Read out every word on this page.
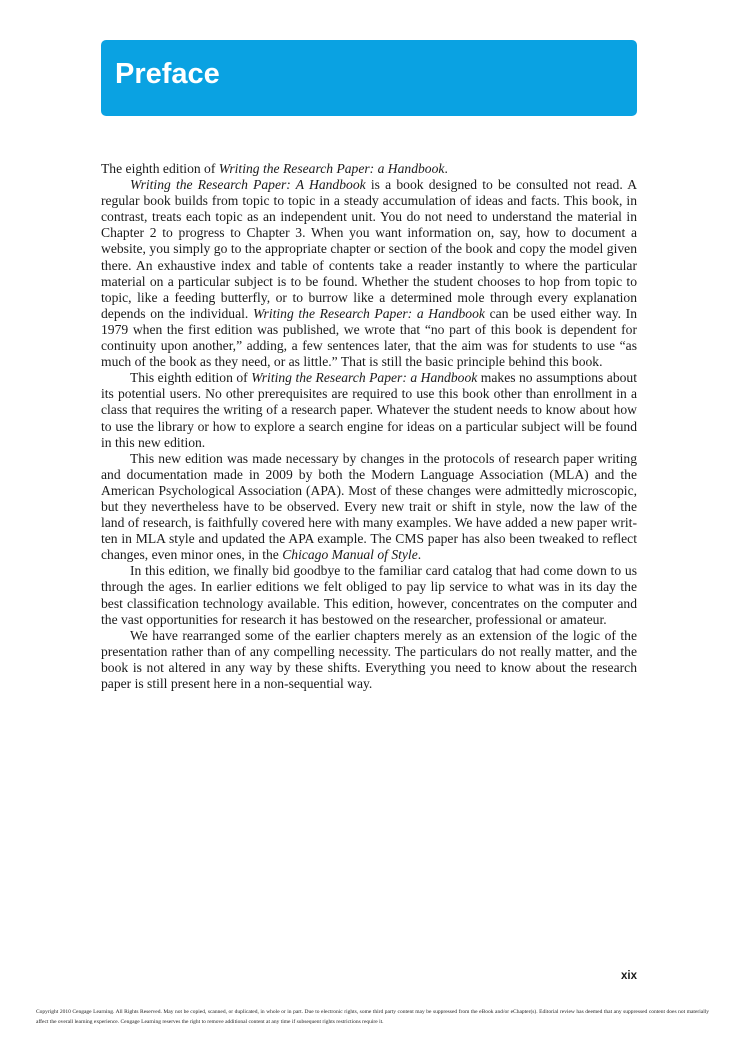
Preface

The eighth edition of Writing the Research Paper: a Handbook.

Writing the Research Paper: A Handbook is a book designed to be consulted not read. A regular book builds from topic to topic in a steady accumulation of ideas and facts. This book, in contrast, treats each topic as an independent unit. You do not need to understand the material in Chapter 2 to progress to Chapter 3. When you want information on, say, how to document a website, you simply go to the appropriate chapter or section of the book and copy the model given there. An exhaustive index and table of contents take a reader instantly to where the particular material on a particular subject is to be found. Whether the student chooses to hop from topic to topic, like a feeding butterfly, or to burrow like a determined mole through every explanation depends on the individual. Writing the Research Paper: a Handbook can be used either way. In 1979 when the first edition was published, we wrote that “no part of this book is dependent for continuity upon another,” adding, a few sentences later, that the aim was for students to use “as much of the book as they need, or as little.” That is still the basic principle behind this book.

This eighth edition of Writing the Research Paper: a Handbook makes no assumptions about its potential users. No other prerequisites are required to use this book other than enrollment in a class that requires the writing of a research paper. Whatever the student needs to know about how to use the library or how to explore a search engine for ideas on a particular subject will be found in this new edition.

This new edition was made necessary by changes in the protocols of research paper writing and documentation made in 2009 by both the Modern Language Association (MLA) and the American Psychological Association (APA). Most of these changes were admittedly microscopic, but they nevertheless have to be observed. Every new trait or shift in style, now the law of the land of research, is faithfully covered here with many examples. We have added a new paper written in MLA style and updated the APA example. The CMS paper has also been tweaked to reflect changes, even minor ones, in the Chicago Manual of Style.

In this edition, we finally bid goodbye to the familiar card catalog that had come down to us through the ages. In earlier editions we felt obliged to pay lip service to what was in its day the best classification technology available. This edition, however, concentrates on the computer and the vast opportunities for research it has bestowed on the researcher, professional or amateur.

We have rearranged some of the earlier chapters merely as an extension of the logic of the presentation rather than of any compelling necessity. The particulars do not really matter, and the book is not altered in any way by these shifts. Everything you need to know about the research paper is still present here in a non-sequential way.

xix
Copyright 2010 Cengage Learning. All Rights Reserved. May not be copied, scanned, or duplicated, in whole or in part. Due to electronic rights, some third party content may be suppressed from the eBook and/or eChapter(s). Editorial review has deemed that any suppressed content does not materially affect the overall learning experience. Cengage Learning reserves the right to remove additional content at any time if subsequent rights restrictions require it.
